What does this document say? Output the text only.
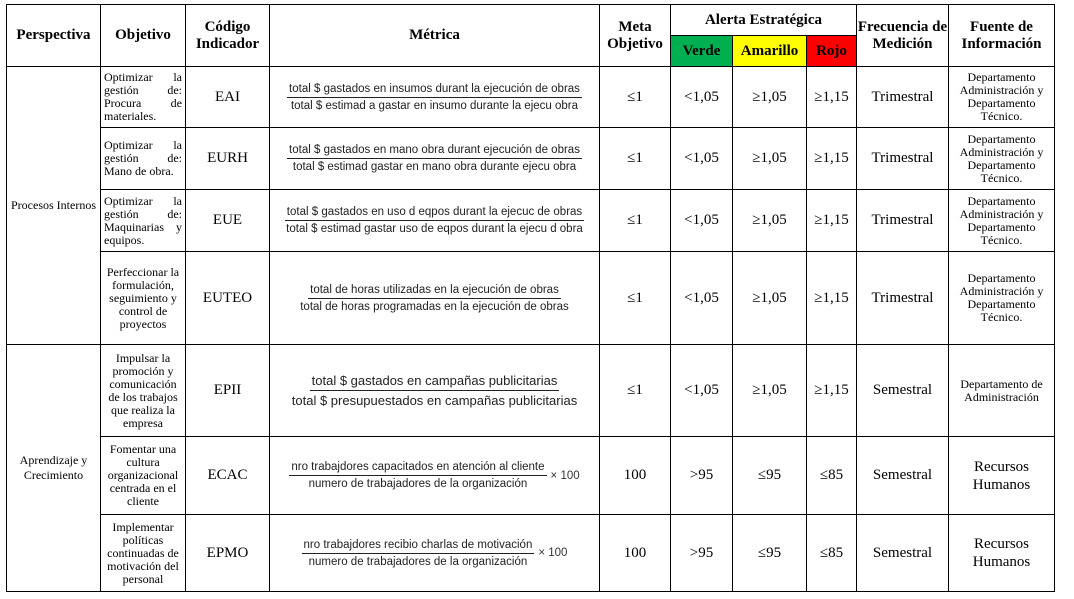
Perspectiva	Objetivo	Código Indicador	Métrica	Meta Objetivo	Alerta Estratégica			Frecuencia de Medición	Fuente de Información
					Verde	Amarillo	Rojo		
Procesos Internos	Optimizar la gestión de: Procura de materiales.	EAI	$\frac{\text{total \$ gastados en insumos durant la ejecución de obras}}{\text{total \$ estimad a gastar en insumo durante la ejecu obra}}$	≤1	<1,05	≥1,05	≥1,15	Trimestral	Departamento Administración y Departamento Técnico.
	Optimizar la gestión de: Mano de obra.	EURH	$\frac{\text{total \$ gastados en mano obra durant ejecución de obras}}{\text{total \$ estimad gastar en mano obra durante ejecu obra}}$	≤1	<1,05	≥1,05	≥1,15	Trimestral	Departamento Administración y Departamento Técnico.
	Optimizar la gestión de: Maquinarias y equipos.	EUE	$\frac{\text{total \$ gastados en uso d eqpos durant la ejecuc de obras}}{\text{total \$ estimad gastar uso de eqpos durant la ejecu d obra}}$	≤1	<1,05	≥1,05	≥1,15	Trimestral	Departamento Administración y Departamento Técnico.
	Perfeccionar la formulación, seguimiento y control de proyectos	EUTEO	$\frac{\text{total de horas utilizadas en la ejecución de obras}}{\text{total de horas programadas en la ejecución de obras}}$	≤1	<1,05	≥1,05	≥1,15	Trimestral	Departamento Administración y Departamento Técnico.
Aprendizaje y Crecimiento	Impulsar la promoción y comunicación de los trabajos que realiza la empresa	EPII	$\frac{\text{total \$ gastados en campañas publicitarias}}{\text{total \$ presupuestados en campañas publicitarias}}$	≤1	<1,05	≥1,05	≥1,15	Semestral	Departamento de Administración
	Fomentar una cultura organizacional centrada en el cliente	ECAC	$\frac{\text{nro trabajdores capacitados en atención al cliente}}{\text{numero de trabajadores de la organización}} \times 100$	100	>95	≤95	≤85	Semestral	Recursos Humanos
	Implementar políticas continuadas de motivación del personal	EPMO	$\frac{\text{nro trabajdores recibio charlas de motivación}}{\text{numero de trabajadores de la organización}} \times 100$	100	>95	≤95	≤85	Semestral	Recursos Humanos
